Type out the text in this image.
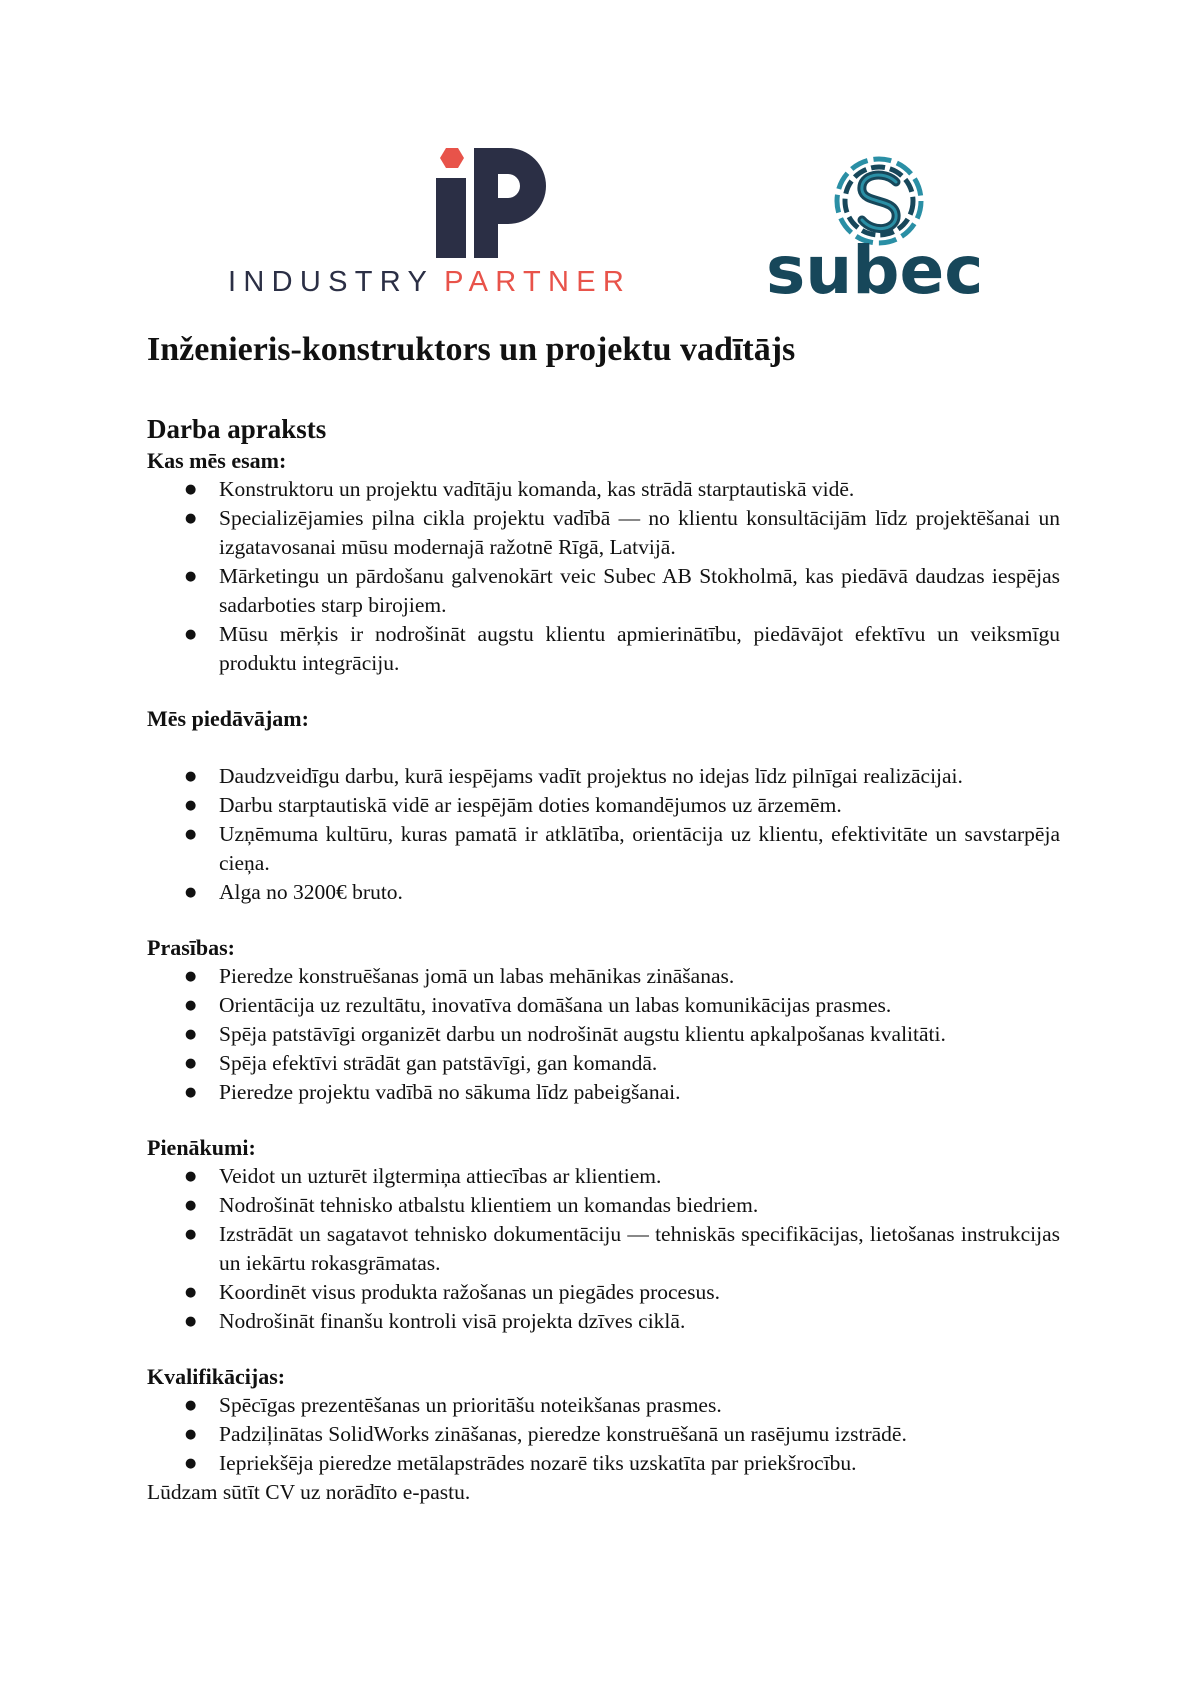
INDUSTRY PARTNER	subec
Inženieris-konstruktors un projektu vadītājs
Darba apraksts

Kas mēs esam:

● Konstruktoru un projektu vadītāju komanda, kas strādā starptautiskā vidē.
● Specializējamies pilna cikla projektu vadībā — no klientu konsultācijām līdz projektēšanai un izgatavosanai mūsu modernajā ražotnē Rīgā, Latvijā.
● Mārketingu un pārdošanu galvenokārt veic Subec AB Stokholmā, kas piedāvā daudzas iespējas sadarboties starp birojiem.
● Mūsu mērķis ir nodrošināt augstu klientu apmierinātību, piedāvājot efektīvu un veiksmīgu produktu integrāciju.

Mēs piedāvājam:

● Daudzveidīgu darbu, kurā iespējams vadīt projektus no idejas līdz pilnīgai realizācijai.
● Darbu starptautiskā vidē ar iespējām doties komandējumos uz ārzemēm.
● Uzņēmuma kultūru, kuras pamatā ir atklātība, orientācija uz klientu, efektivitāte un savstarpēja cieņa.
● Alga no 3200€ bruto.

Prasības:

● Pieredze konstruēšanas jomā un labas mehānikas zināšanas.
● Orientācija uz rezultātu, inovatīva domāšana un labas komunikācijas prasmes.
● Spēja patstāvīgi organizēt darbu un nodrošināt augstu klientu apkalpošanas kvalitāti.
● Spēja efektīvi strādāt gan patstāvīgi, gan komandā.
● Pieredze projektu vadībā no sākuma līdz pabeigšanai.

Pienākumi:

● Veidot un uzturēt ilgtermiņa attiecības ar klientiem.
● Nodrošināt tehnisko atbalstu klientiem un komandas biedriem.
● Izstrādāt un sagatavot tehnisko dokumentāciju — tehniskās specifikācijas, lietošanas instrukcijas un iekārtu rokasgrāmatas.
● Koordinēt visus produkta ražošanas un piegādes procesus.
● Nodrošināt finanšu kontroli visā projekta dzīves ciklā.

Kvalifikācijas:

● Spēcīgas prezentēšanas un prioritāšu noteikšanas prasmes.
● Padziļinātas SolidWorks zināšanas, pieredze konstruēšanā un rasējumu izstrādē.
● Iepriekšēja pieredze metālapstrādes nozarē tiks uzskatīta par priekšrocību.

Lūdzam sūtīt CV uz norādīto e-pastu.
